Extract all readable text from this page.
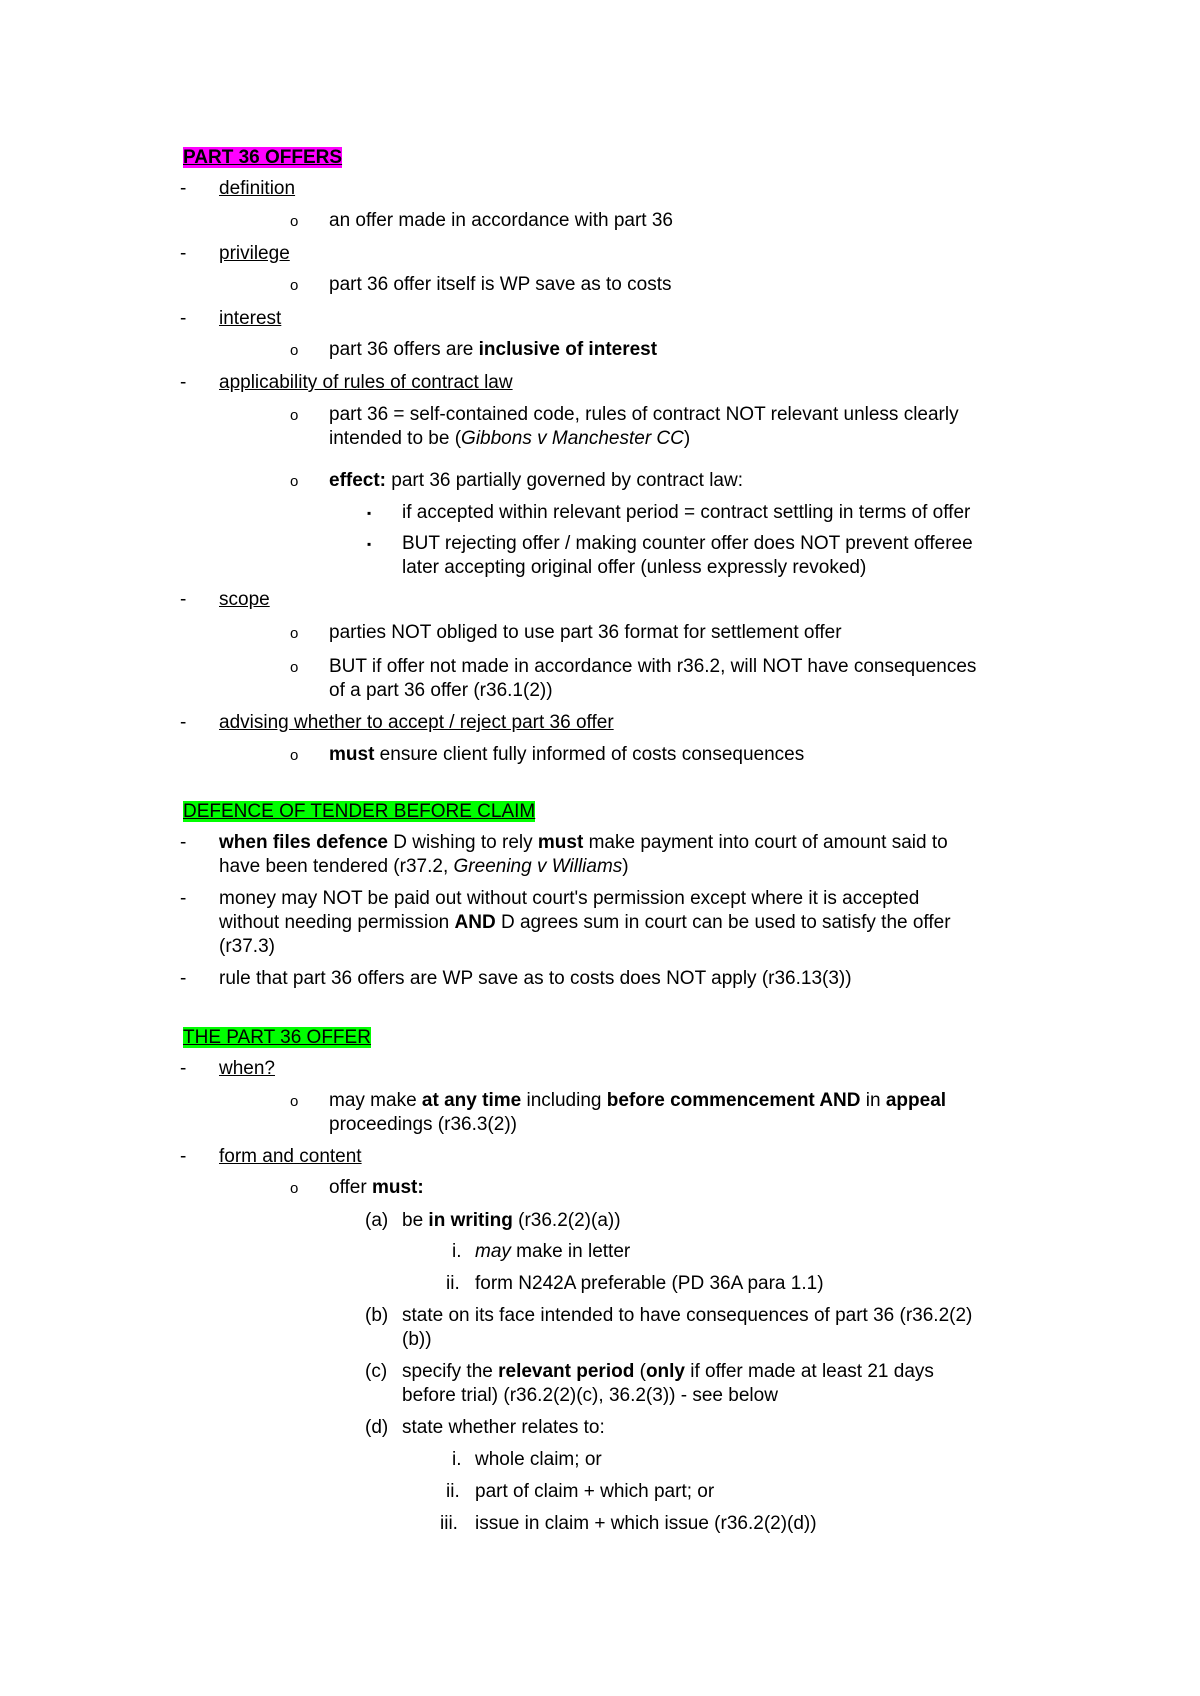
PART 36 OFFERS
- definition
o an offer made in accordance with part 36
- privilege
o part 36 offer itself is WP save as to costs
- interest
o part 36 offers are inclusive of interest
- applicability of rules of contract law
o part 36 = self-contained code, rules of contract NOT relevant unless clearly
intended to be (Gibbons v Manchester CC)
o effect: part 36 partially governed by contract law:
▪ if accepted within relevant period = contract settling in terms of offer
▪ BUT rejecting offer / making counter offer does NOT prevent offeree
later accepting original offer (unless expressly revoked)
- scope
o parties NOT obliged to use part 36 format for settlement offer
o BUT if offer not made in accordance with r36.2, will NOT have consequences
of a part 36 offer (r36.1(2))
- advising whether to accept / reject part 36 offer
o must ensure client fully informed of costs consequences
DEFENCE OF TENDER BEFORE CLAIM
- when files defence D wishing to rely must make payment into court of amount said to
have been tendered (r37.2, Greening v Williams)
- money may NOT be paid out without court's permission except where it is accepted
without needing permission AND D agrees sum in court can be used to satisfy the offer
(r37.3)
- rule that part 36 offers are WP save as to costs does NOT apply (r36.13(3))
THE PART 36 OFFER
- when?
o may make at any time including before commencement AND in appeal
proceedings (r36.3(2))
- form and content
o offer must:
(a) be in writing (r36.2(2)(a))
i. may make in letter
ii. form N242A preferable (PD 36A para 1.1)
(b) state on its face intended to have consequences of part 36 (r36.2(2)
(b))
(c) specify the relevant period (only if offer made at least 21 days
before trial) (r36.2(2)(c), 36.2(3)) - see below
(d) state whether relates to:
i. whole claim; or
ii. part of claim + which part; or
iii. issue in claim + which issue (r36.2(2)(d))
